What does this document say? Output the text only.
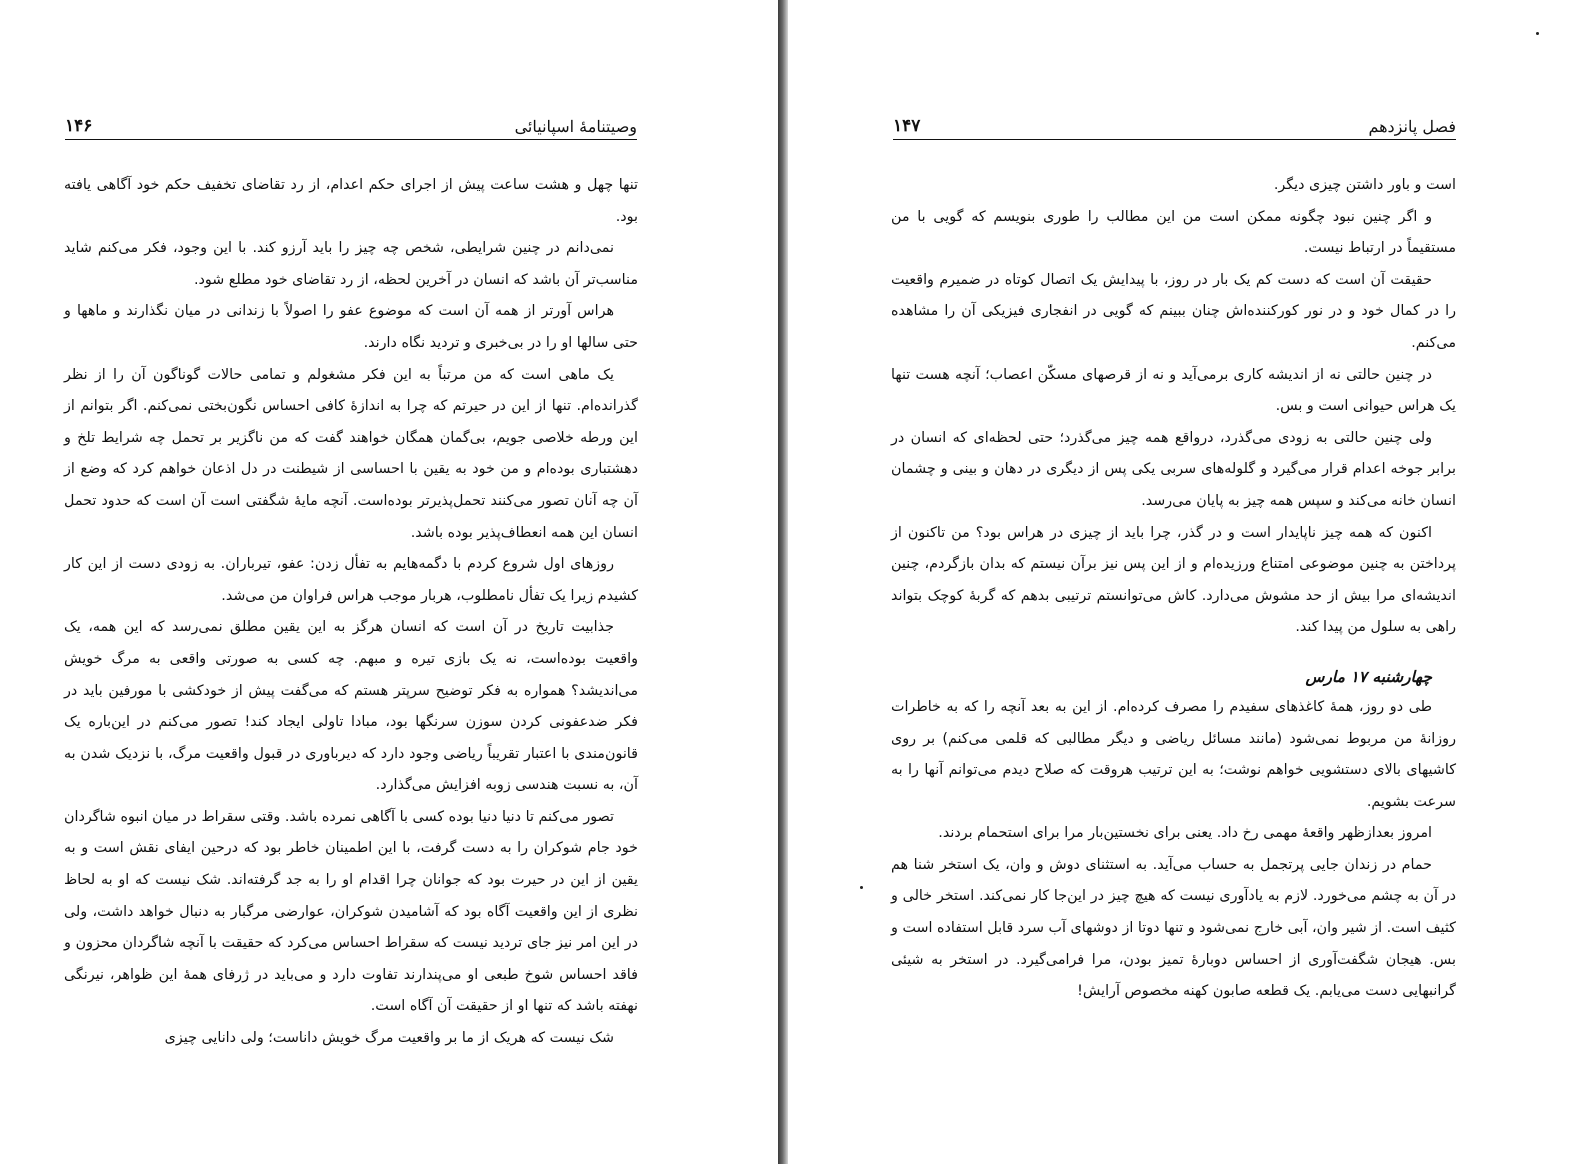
وصیتنامهٔ اسپانیائی
۱۴۶

تنها چهل و هشت ساعت پیش از اجرای حکم اعدام، از رد تقاضای تخفیف حکم خود آگاهی یافته بود.

نمی‌دانم در چنین شرایطی، شخص چه چیز را باید آرزو کند. با این وجود، فکر می‌کنم شاید مناسب‌تر آن باشد که انسان در آخرین لحظه، از رد تقاضای خود مطلع شود.

هراس آورتر از همه آن است که موضوع عفو را اصولاً با زندانی در میان نگذارند و ماهها و حتی سالها او را در بی‌خبری و تردید نگاه دارند.

یک ماهی است که من مرتباً به این فکر مشغولم و تمامی حالات گوناگون آن را از نظر گذرانده‌ام. تنها از این در حیرتم که چرا به اندازهٔ کافی احساس نگون‌بختی نمی‌کنم. اگر بتوانم از این ورطه خلاصی جویم، بی‌گمان همگان خواهند گفت که من ناگزیر بر تحمل چه شرایط تلخ و دهشتباری بوده‌ام و من خود به یقین با احساسی از شیطنت در دل اذعان خواهم کرد که وضع از آن چه آنان تصور می‌کنند تحمل‌پذیرتر بوده‌است. آنچه مایهٔ شگفتی است آن است که حدود تحمل انسان این همه انعطاف‌پذیر بوده باشد.

روزهای اول شروع کردم با دگمه‌هایم به تفأل زدن: عفو، تیرباران. به زودی دست از این کار کشیدم زیرا یک تفأل نامطلوب، هربار موجب هراس فراوان من می‌شد.

جذابیت تاریخ در آن است که انسان هرگز به این یقین مطلق نمی‌رسد که این همه، یک واقعیت بوده‌است، نه یک بازی تیره و مبهم. چه کسی به صورتی واقعی به مرگ خویش می‌اندیشد؟ همواره به فکر توضیح سرپتر هستم که می‌گفت پیش از خودکشی با مورفین باید در فکر ضدعفونی کردن سوزن سرنگها بود، مبادا تاولی ایجاد کند! تصور می‌کنم در این‌باره یک قانون‌مندی با اعتبار تقریباً ریاضی وجود دارد که دیرباوری در قبول واقعیت مرگ، با نزدیک شدن به آن، به نسبت هندسی زوبه افزایش می‌گذارد.

تصور می‌کنم تا دنیا دنیا بوده‌ کسی با آگاهی نمرده باشد. وقتی سقراط در میان انبوه شاگردان خود جام شوکران را به دست گرفت، با این اطمینان خاطر بود که درحین ایفای نقش است و به یقین از این در حیرت بود که جوانان چرا اقدام او را به جد گرفته‌اند. شک نیست که او به لحاظ نظری از این واقعیت آگاه بود که آشامیدن شوکران، عوارضی مرگبار به دنبال خواهد داشت، ولی در این امر نیز جای تردید نیست که سقراط احساس می‌کرد که حقیقت با آنچه شاگردان محزون و فاقد احساس شوخ طبعی او می‌پندارند تفاوت دارد و می‌باید در ژرفای همهٔ این ظواهر، نیرنگی نهفته باشد که تنها او از حقیقت آن آگاه است.

شک نیست که هریک از ما بر واقعیت مرگ خویش داناست؛ ولی دانایی چیزی

فصل پانزدهم
۱۴۷

است و باور داشتن چیزی دیگر.

و اگر چنین نبود چگونه ممکن است من این مطالب را طوری بنویسم که گویی با من مستقیماً در ارتباط نیست.

حقیقت آن است که دست کم یک بار در روز، با پیدایش یک اتصال کوتاه در ضمیرم واقعیت را در کمال خود و در نور کورکننده‌اش چنان ببینم که گویی در انفجاری فیزیکی آن را مشاهده می‌کنم.

در چنین حالتی نه از اندیشه کاری برمی‌آید و نه از قرصهای مسکّن اعصاب؛ آنچه هست تنها یک هراس حیوانی است و بس.

ولی چنین حالتی به زودی می‌گذرد، درواقع همه چیز می‌گذرد؛ حتی لحظه‌ای که انسان در برابر جوخه اعدام قرار می‌گیرد و گلوله‌های سربی یکی پس از دیگری در دهان و بینی و چشمان انسان خانه می‌کند و سپس همه چیز به پایان می‌رسد.

اکنون که همه چیز ناپایدار است و در گذر، چرا باید از چیزی در هراس بود؟ من تاکنون از پرداختن به چنین موضوعی امتناع ورزیده‌ام و از این پس نیز برآن نیستم که بدان بازگردم، چنین اندیشه‌ای مرا بیش از حد مشوش می‌دارد. کاش می‌توانستم ترتیبی بدهم که گربهٔ کوچک بتواند راهی به سلول من پیدا کند.

چهارشنبه ۱۷ مارس

طی دو روز، همهٔ کاغذهای سفیدم را مصرف کرده‌ام. از این به بعد آنچه را که به خاطرات روزانهٔ من مربوط نمی‌شود (مانند مسائل ریاضی و دیگر مطالبی که قلمی می‌کنم) بر روی کاشیهای بالای دستشویی خواهم نوشت؛ به این ترتیب هروقت که صلاح دیدم می‌توانم آنها را به سرعت بشویم.

امروز بعدازظهر واقعهٔ مهمی رخ داد. یعنی برای نخستین‌بار مرا برای استحمام بردند.

حمام در زندان جایی پرتجمل به حساب می‌آید. به استثنای دوش و وان، یک استخر شنا هم در آن به چشم می‌خورد. لازم به یادآوری نیست که هیچ چیز در این‌جا کار نمی‌کند. استخر خالی و کثیف است. از شیر وان، آبی خارج نمی‌شود و تنها دوتا از دوشهای آب سرد قابل استفاده است و بس. هیجان شگفت‌آوری از احساس دوبارهٔ تمیز بودن، مرا فرامی‌گیرد. در استخر به شیئی گرانبهایی دست می‌یابم. یک قطعه صابون کهنه مخصوص آرایش!
